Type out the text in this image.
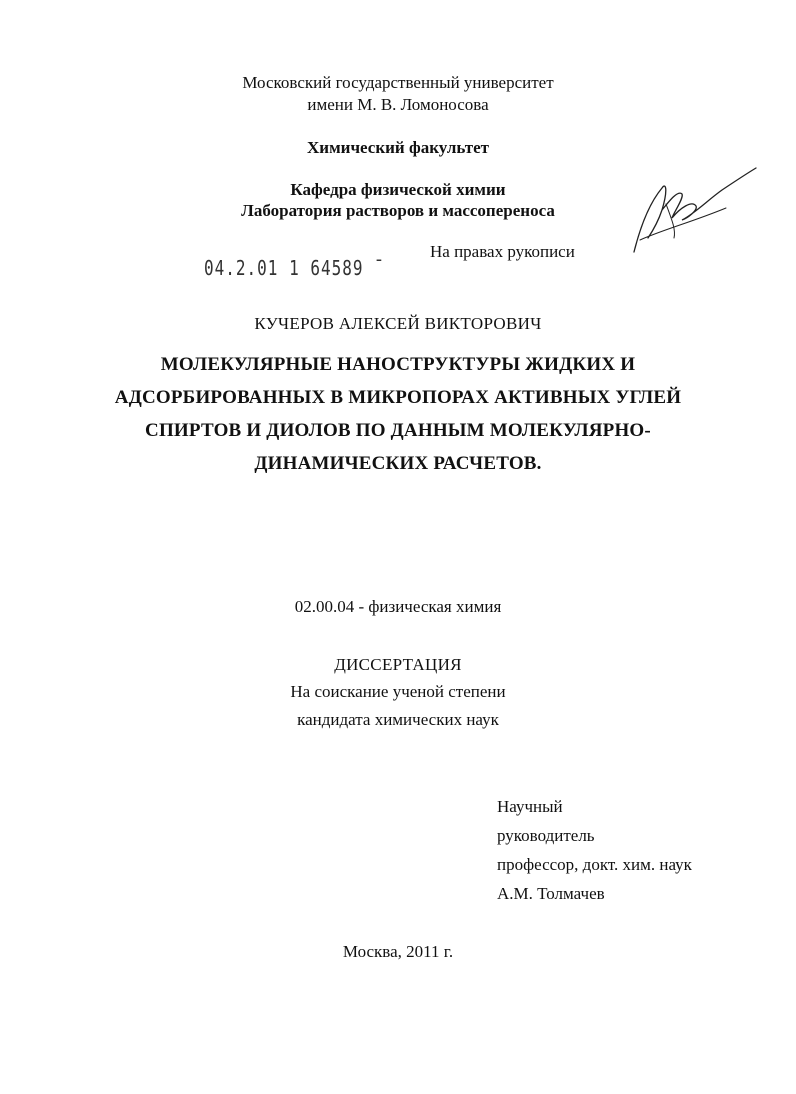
Московский государственный университет
имени М. В. Ломоносова
Химический факультет
Кафедра физической химии
Лаборатория растворов и массопереноса
На правах рукописи
04.2.01 1 64589 ¯
КУЧЕРОВ АЛЕКСЕЙ ВИКТОРОВИЧ
МОЛЕКУЛЯРНЫЕ НАНОСТРУКТУРЫ ЖИДКИХ И
АДСОРБИРОВАННЫХ В МИКРОПОРАХ АКТИВНЫХ УГЛЕЙ
СПИРТОВ И ДИОЛОВ ПО ДАННЫМ МОЛЕКУЛЯРНО-
ДИНАМИЧЕСКИХ РАСЧЕТОВ.
02.00.04 - физическая химия
ДИССЕРТАЦИЯ
На соискание ученой степени
кандидата химических наук
Научный
руководитель
профессор, докт. хим. наук
А.М. Толмачев
Москва, 2011 г.
